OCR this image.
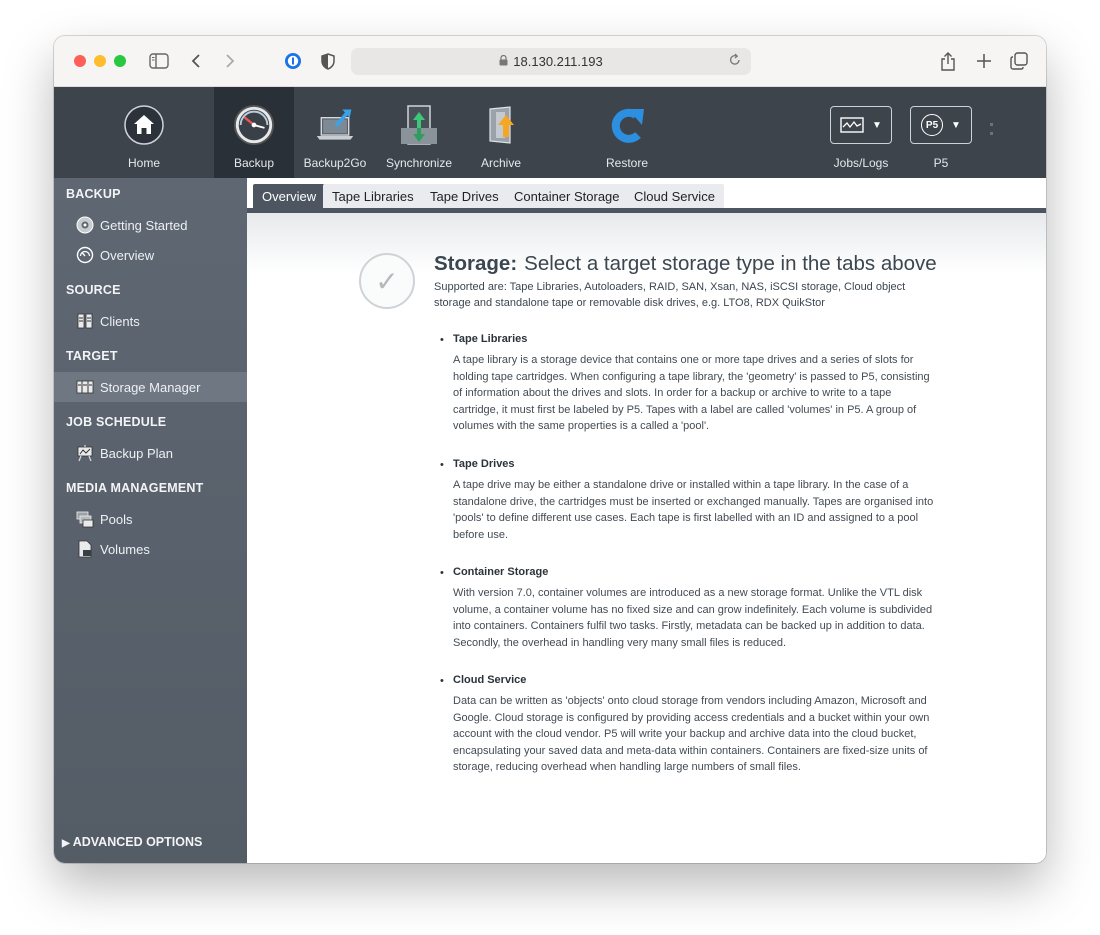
18.130.211.193
Home	Backup Backup2Go Synchronize Archive	Restore
▼
Jobs/Logs
P5	▼
P5
BACKUP
Getting Started
Overview
SOURCE
Clients
TARGET
Storage Manager
JOB SCHEDULE
Backup Plan
MEDIA MANAGEMENT
Pools
Volumes
▶ ADVANCED OPTIONS
Overview	Tape Libraries	Tape Drives	Container Storage	Cloud Service
✓
Storage: Select a target storage type in the tabs above
Supported are: Tape Libraries, Autoloaders, RAID, SAN, Xsan, NAS, iSCSI storage, Cloud object storage and standalone tape or removable disk drives, e.g. LTO8, RDX QuikStor
• Tape Libraries
A tape library is a storage device that contains one or more tape drives and a series of slots for holding tape cartridges. When configuring a tape library, the 'geometry' is passed to P5, consisting of information about the drives and slots. In order for a backup or archive to write to a tape cartridge, it must first be labeled by P5. Tapes with a label are called 'volumes' in P5. A group of volumes with the same properties is a called a 'pool'.
• Tape Drives
A tape drive may be either a standalone drive or installed within a tape library. In the case of a standalone drive, the cartridges must be inserted or exchanged manually. Tapes are organised into 'pools' to define different use cases. Each tape is first labelled with an ID and assigned to a pool before use.
• Container Storage
With version 7.0, container volumes are introduced as a new storage format. Unlike the VTL disk volume, a container volume has no fixed size and can grow indefinitely. Each volume is subdivided into containers. Containers fulfil two tasks. Firstly, metadata can be backed up in addition to data. Secondly, the overhead in handling very many small files is reduced.
• Cloud Service
Data can be written as 'objects' onto cloud storage from vendors including Amazon, Microsoft and Google. Cloud storage is configured by providing access credentials and a bucket within your own account with the cloud vendor. P5 will write your backup and archive data into the cloud bucket, encapsulating your saved data and meta-data within containers. Containers are fixed-size units of storage, reducing overhead when handling large numbers of small files.
